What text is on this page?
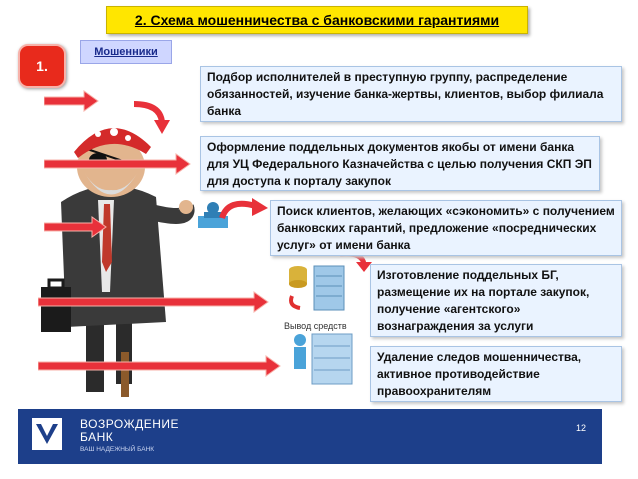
2. Схема мошенничества с банковскими гарантиями
1.
Мошенники
Вывод средств
Подбор исполнителей в преступную группу, распределение обязанностей, изучение банка-жертвы, клиентов, выбор филиала банка
Оформление поддельных документов якобы от имени банка для УЦ Федерального Казначейства с целью получения СКП ЭП для доступа к порталу закупок
Поиск клиентов, желающих «сэкономить» с получением банковских гарантий, предложение «посреднических услуг» от имени банка
Изготовление поддельных БГ, размещение их на портале закупок, получение «агентского» вознаграждения за услуги
Удаление следов мошенничества, активное противодействие правоохранителям
ВОЗРОЖДЕНИЕ
БАНК
ВАШ НАДЕЖНЫЙ БАНК
12
